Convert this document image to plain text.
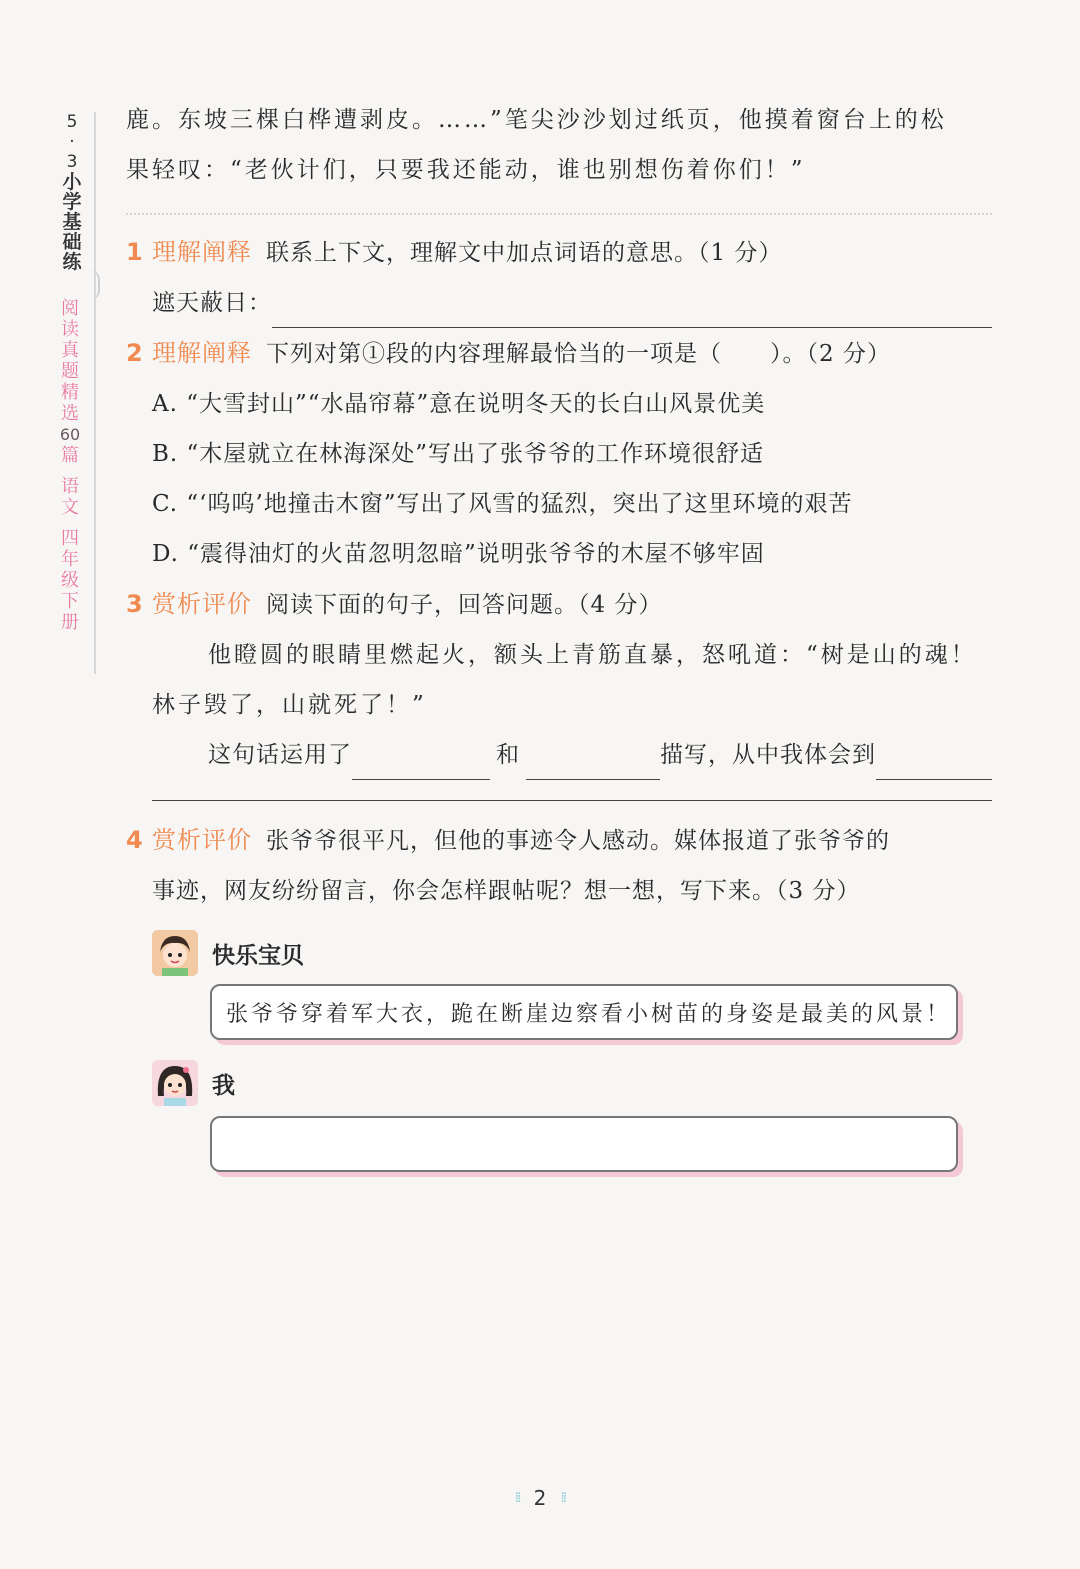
5
·
3
小
学
基
础
练
阅
读
真
题
精
选
60
篇
语
文
四
年
级
下
册

鹿。东坡三棵白桦遭剥皮。……”笔尖沙沙划过纸页，他摸着窗台上的松
果轻叹：“老伙计们，只要我还能动，谁也别想伤着你们！”

1 理解阐释 联系上下文，理解文中加点词语的意思。（1 分）
遮天蔽日：
2 理解阐释 下列对第①段的内容理解最恰当的一项是（　　）。（2 分）
A. “大雪封山”“水晶帘幕”意在说明冬天的长白山风景优美
B. “木屋就立在林海深处”写出了张爷爷的工作环境很舒适
C. “‘呜呜’地撞击木窗”写出了风雪的猛烈，突出了这里环境的艰苦
D. “震得油灯的火苗忽明忽暗”说明张爷爷的木屋不够牢固
3 赏析评价 阅读下面的句子，回答问题。（4 分）
他瞪圆的眼睛里燃起火，额头上青筋直暴，怒吼道：“树是山的魂！
林子毁了，山就死了！”
这句话运用了	和	描写，从中我体会到
4 赏析评价 张爷爷很平凡，但他的事迹令人感动。媒体报道了张爷爷的
事迹，网友纷纷留言，你会怎样跟帖呢？想一想，写下来。（3 分）
快乐宝贝
张爷爷穿着军大衣，跪在断崖边察看小树苗的身姿是最美的风景！
我
⁞⁞ 2 ⁞⁞
